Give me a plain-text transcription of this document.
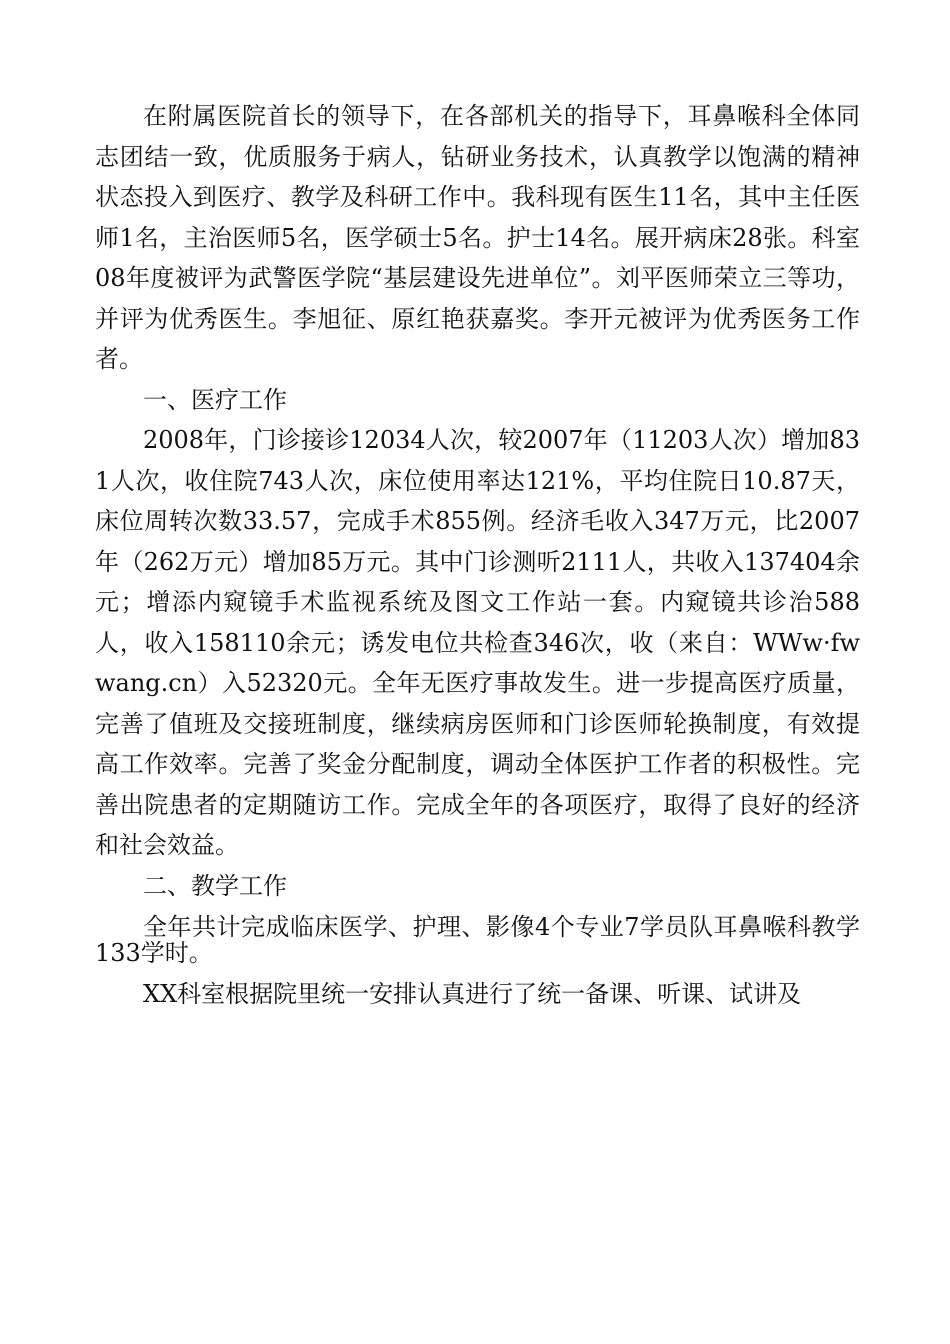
在附属医院首长的领导下，在各部机关的指导下，耳鼻喉科全体同志团结一致，优质服务于病人，钻研业务技术，认真教学以饱满的精神状态投入到医疗、教学及科研工作中。我科现有医生11名，其中主任医师1名，主治医师5名，医学硕士5名。护士14名。展开病床28张。科室08年度被评为武警医学院“基层建设先进单位”。刘平医师荣立三等功，并评为优秀医生。李旭征、原红艳获嘉奖。李开元被评为优秀医务工作者。

一、医疗工作

2008年，门诊接诊12034人次，较2007年（11203人次）增加831人次，收住院743人次，床位使用率达121%，平均住院日10.87天，床位周转次数33.57，完成手术855例。经济毛收入347万元，比2007年（262万元）增加85万元。其中门诊测听2111人，共收入137404余元；增添内窥镜手术监视系统及图文工作站一套。内窥镜共诊治588人，收入158110余元；诱发电位共检查346次，收（来自：WWw·fwwang.cn）入52320元。全年无医疗事故发生。进一步提高医疗质量，完善了值班及交接班制度，继续病房医师和门诊医师轮换制度，有效提高工作效率。完善了奖金分配制度，调动全体医护工作者的积极性。完善出院患者的定期随访工作。完成全年的各项医疗，取得了良好的经济和社会效益。

二、教学工作

全年共计完成临床医学、护理、影像4个专业7学员队耳鼻喉科教学133学时。

XX科室根据院里统一安排认真进行了统一备课、听课、试讲及
